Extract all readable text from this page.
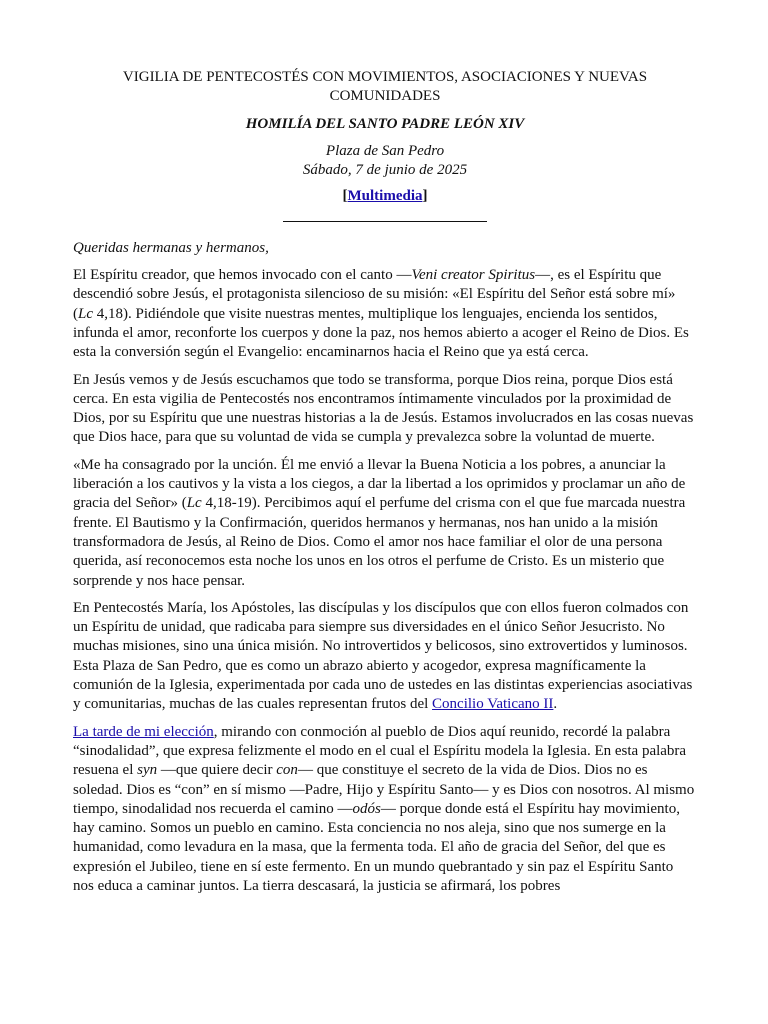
VIGILIA DE PENTECOSTÉS CON MOVIMIENTOS, ASOCIACIONES Y NUEVAS
COMUNIDADES
HOMILÍA DEL SANTO PADRE LEÓN XIV
Plaza de San Pedro
Sábado, 7 de junio de 2025
[Multimedia]

Queridas hermanas y hermanos,

El Espíritu creador, que hemos invocado con el canto —Veni creator Spiritus—, es el Espíritu que descendió sobre Jesús, el protagonista silencioso de su misión: «El Espíritu del Señor está sobre mí» (Lc 4,18). Pidiéndole que visite nuestras mentes, multiplique los lenguajes, encienda los sentidos, infunda el amor, reconforte los cuerpos y done la paz, nos hemos abierto a acoger el Reino de Dios. Es esta la conversión según el Evangelio: encaminarnos hacia el Reino que ya está cerca.

En Jesús vemos y de Jesús escuchamos que todo se transforma, porque Dios reina, porque Dios está cerca. En esta vigilia de Pentecostés nos encontramos íntimamente vinculados por la proximidad de Dios, por su Espíritu que une nuestras historias a la de Jesús. Estamos involucrados en las cosas nuevas que Dios hace, para que su voluntad de vida se cumpla y prevalezca sobre la voluntad de muerte.

«Me ha consagrado por la unción. Él me envió a llevar la Buena Noticia a los pobres, a anunciar la liberación a los cautivos y la vista a los ciegos, a dar la libertad a los oprimidos y proclamar un año de gracia del Señor» (Lc 4,18-19). Percibimos aquí el perfume del crisma con el que fue marcada nuestra frente. El Bautismo y la Confirmación, queridos hermanos y hermanas, nos han unido a la misión transformadora de Jesús, al Reino de Dios. Como el amor nos hace familiar el olor de una persona querida, así reconocemos esta noche los unos en los otros el perfume de Cristo. Es un misterio que sorprende y nos hace pensar.

En Pentecostés María, los Apóstoles, las discípulas y los discípulos que con ellos fueron colmados con un Espíritu de unidad, que radicaba para siempre sus diversidades en el único Señor Jesucristo. No muchas misiones, sino una única misión. No introvertidos y belicosos, sino extrovertidos y luminosos. Esta Plaza de San Pedro, que es como un abrazo abierto y acogedor, expresa magníficamente la comunión de la Iglesia, experimentada por cada uno de ustedes en las distintas experiencias asociativas y comunitarias, muchas de las cuales representan frutos del Concilio Vaticano II.

La tarde de mi elección, mirando con conmoción al pueblo de Dios aquí reunido, recordé la palabra “sinodalidad”, que expresa felizmente el modo en el cual el Espíritu modela la Iglesia. En esta palabra resuena el syn —que quiere decir con— que constituye el secreto de la vida de Dios. Dios no es soledad. Dios es “con” en sí mismo —Padre, Hijo y Espíritu Santo— y es Dios con nosotros. Al mismo tiempo, sinodalidad nos recuerda el camino —odós— porque donde está el Espíritu hay movimiento, hay camino. Somos un pueblo en camino. Esta conciencia no nos aleja, sino que nos sumerge en la humanidad, como levadura en la masa, que la fermenta toda. El año de gracia del Señor, del que es expresión el Jubileo, tiene en sí este fermento. En un mundo quebrantado y sin paz el Espíritu Santo nos educa a caminar juntos. La tierra descasará, la justicia se afirmará, los pobres
